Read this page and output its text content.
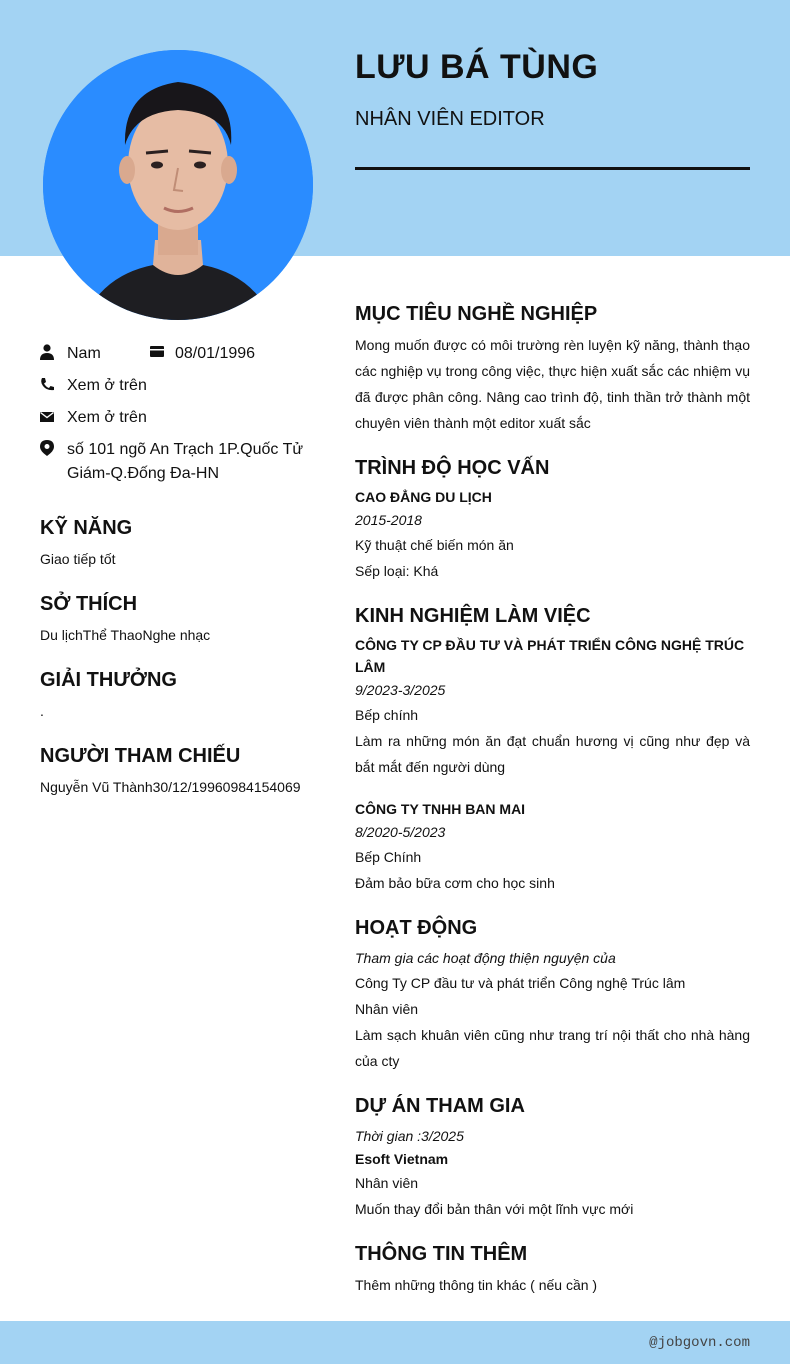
LƯU BÁ TÙNG
NHÂN VIÊN EDITOR
Nam	08/01/1996
Xem ở trên
Xem ở trên
số 101 ngõ An Trạch 1P.Quốc Tử Giám-Q.Đống Đa-HN
KỸ NĂNG
Giao tiếp tốt
SỞ THÍCH
Du lịchThể ThaoNghe nhạc
GIẢI THƯỞNG
.
NGƯỜI THAM CHIẾU
Nguyễn Vũ Thành30/12/19960984154069
MỤC TIÊU NGHỀ NGHIỆP
Mong muốn được có môi trường rèn luyện kỹ năng, thành thạo các nghiệp vụ trong công việc, thực hiện xuất sắc các nhiệm vụ đã được phân công. Nâng cao trình độ, tinh thần trở thành một chuyên viên thành một editor xuất sắc
TRÌNH ĐỘ HỌC VẤN
CAO ĐẲNG DU LỊCH
2015-2018
Kỹ thuật chế biến món ăn
Sếp loại: Khá
KINH NGHIỆM LÀM VIỆC
CÔNG TY CP ĐẦU TƯ VÀ PHÁT TRIỂN CÔNG NGHỆ TRÚC LÂM
9/2023-3/2025
Bếp chính
Làm ra những món ăn đạt chuẩn hương vị cũng như đẹp và bắt mắt đến người dùng
CÔNG TY TNHH BAN MAI
8/2020-5/2023
Bếp Chính
Đảm bảo bữa cơm cho học sinh
HOẠT ĐỘNG
Tham gia các hoạt động thiện nguyện của
Công Ty CP đầu tư và phát triển Công nghệ Trúc lâm
Nhân viên
Làm sạch khuân viên cũng như trang trí nội thất cho nhà hàng của cty
DỰ ÁN THAM GIA
Thời gian :3/2025
Esoft Vietnam
Nhân viên
Muốn thay đổi bản thân với một lĩnh vực mới
THÔNG TIN THÊM
Thêm những thông tin khác ( nếu cần )
@jobgovn.com
